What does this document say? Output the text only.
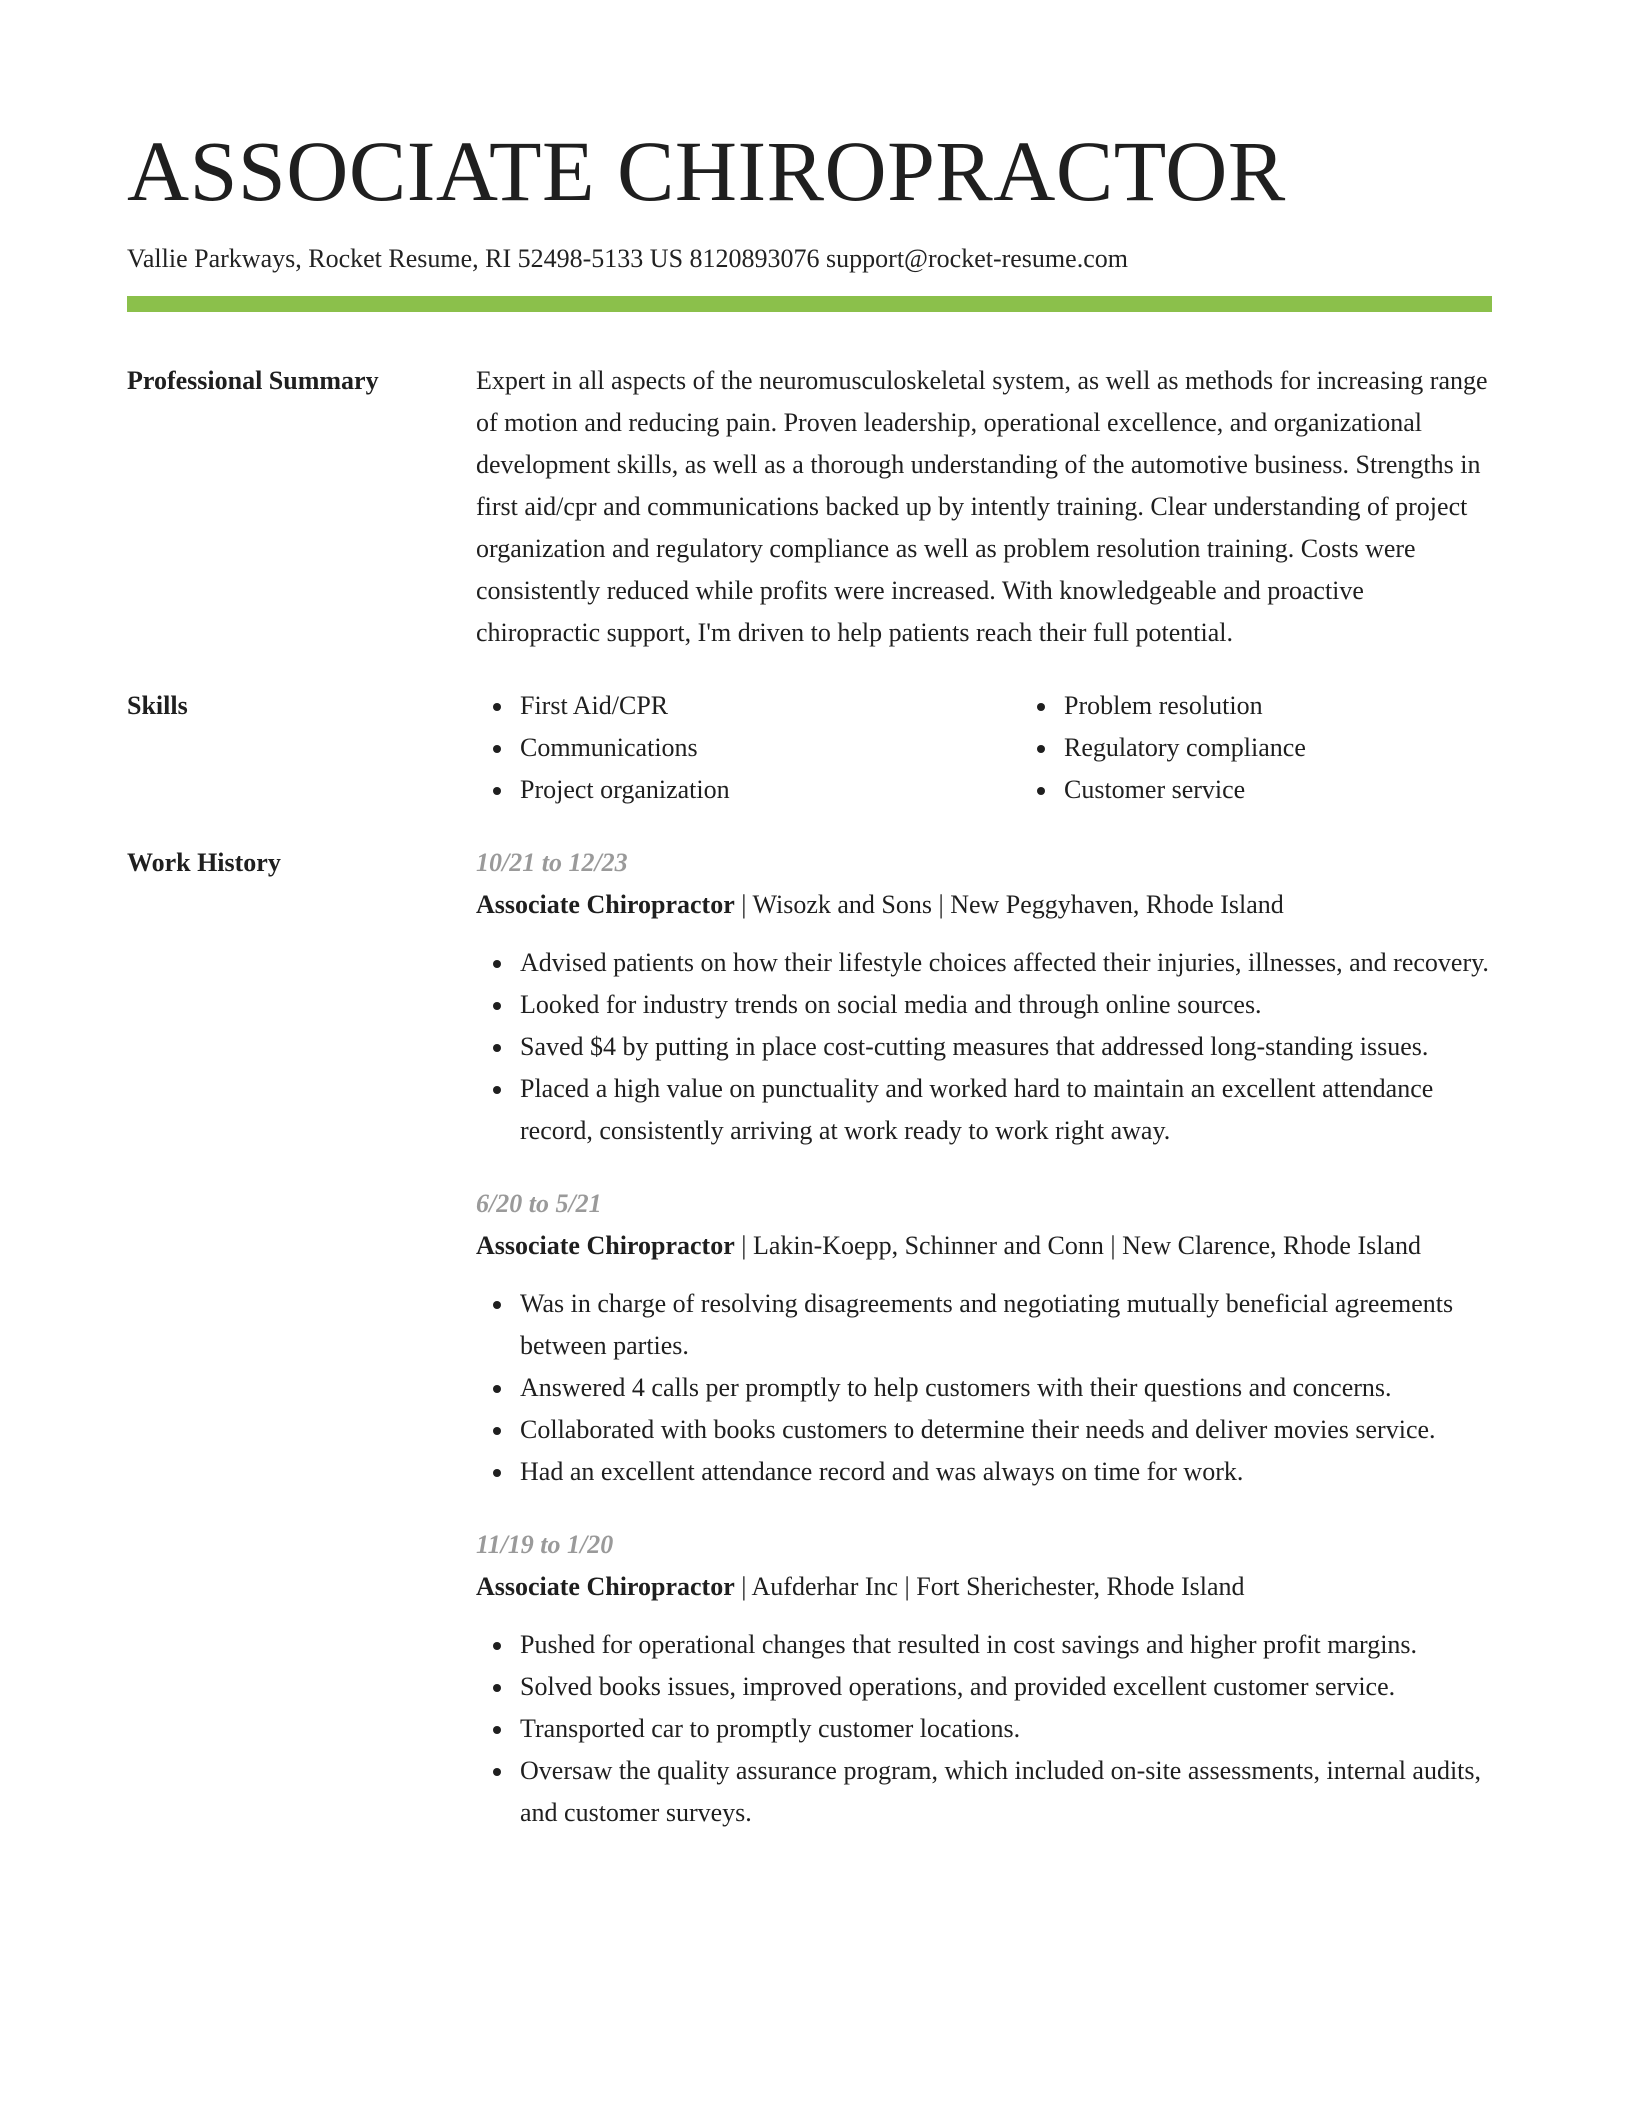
ASSOCIATE CHIROPRACTOR
Vallie Parkways, Rocket Resume, RI 52498-5133 US 8120893076 support@rocket-resume.com
Professional Summary	Expert in all aspects of the neuromusculoskeletal system, as well as methods for increasing range of motion and reducing pain. Proven leadership, operational excellence, and organizational development skills, as well as a thorough understanding of the automotive business. Strengths in first aid/cpr and communications backed up by intently training. Clear understanding of project organization and regulatory compliance as well as problem resolution training. Costs were consistently reduced while profits were increased. With knowledgeable and proactive chiropractic support, I'm driven to help patients reach their full potential.
Skills	First Aid/CPR
Communications
Project organization
Problem resolution
Regulatory compliance
Customer service
Work History	10/21 to 12/23
Associate Chiropractor | Wisozk and Sons | New Peggyhaven, Rhode Island
Advised patients on how their lifestyle choices affected their injuries, illnesses, and recovery.
Looked for industry trends on social media and through online sources.
Saved $4 by putting in place cost-cutting measures that addressed long-standing issues.
Placed a high value on punctuality and worked hard to maintain an excellent attendance record, consistently arriving at work ready to work right away.
6/20 to 5/21
Associate Chiropractor | Lakin-Koepp, Schinner and Conn | New Clarence, Rhode Island
Was in charge of resolving disagreements and negotiating mutually beneficial agreements between parties.
Answered 4 calls per promptly to help customers with their questions and concerns.
Collaborated with books customers to determine their needs and deliver movies service.
Had an excellent attendance record and was always on time for work.
11/19 to 1/20
Associate Chiropractor | Aufderhar Inc | Fort Sherichester, Rhode Island
Pushed for operational changes that resulted in cost savings and higher profit margins.
Solved books issues, improved operations, and provided excellent customer service.
Transported car to promptly customer locations.
Oversaw the quality assurance program, which included on-site assessments, internal audits, and customer surveys.
